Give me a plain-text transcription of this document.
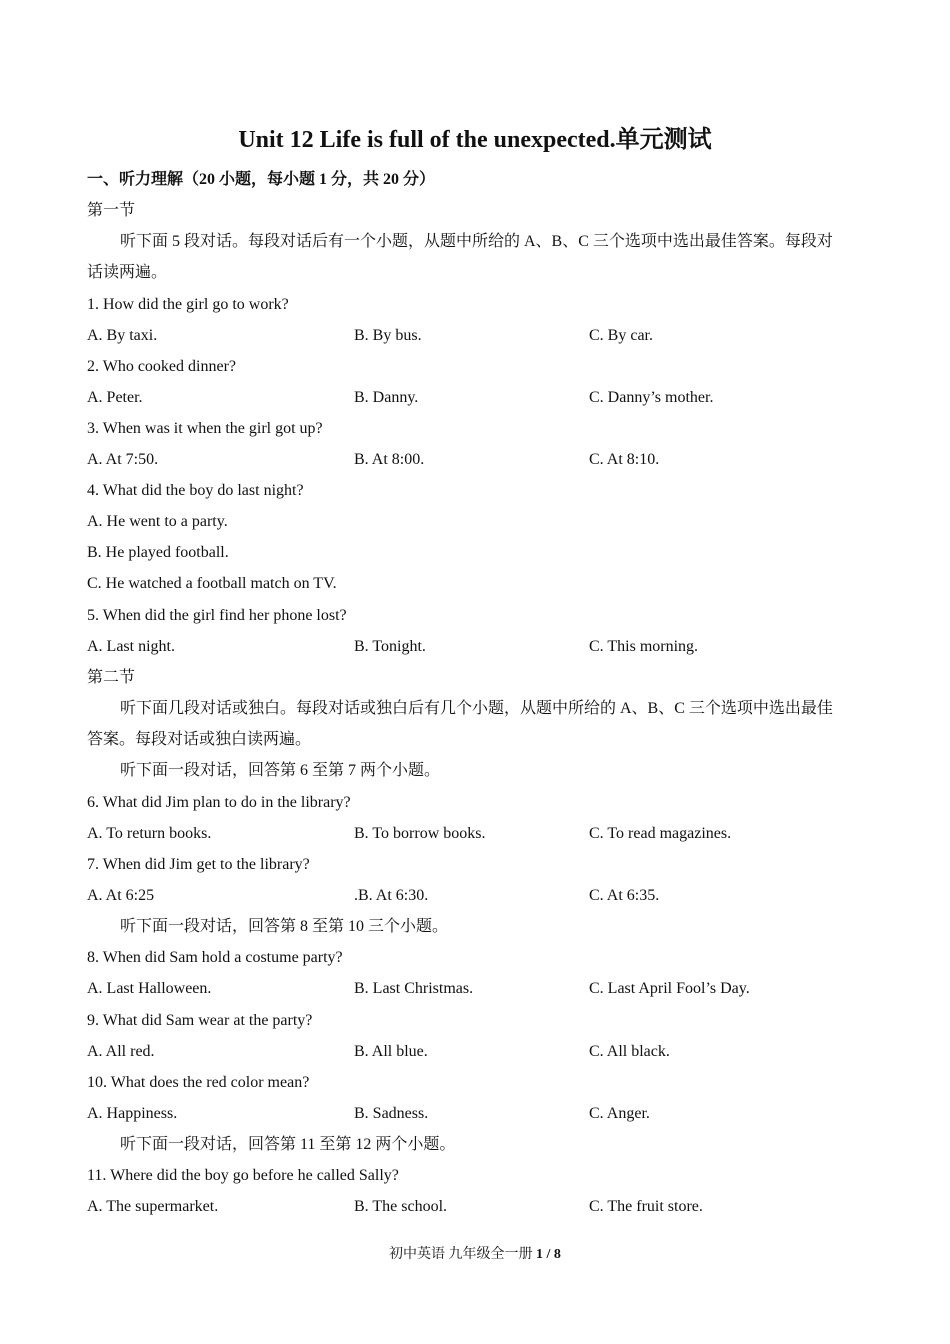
Unit 12 Life is full of the unexpected.单元测试
一、听力理解（20 小题，每小题 1 分，共 20 分）
第一节
听下面 5 段对话。每段对话后有一个小题，从题中所给的 A、B、C 三个选项中选出最佳答案。每段对
话读两遍。
1. How did the girl go to work?
A. By taxi.	B. By bus.	C. By car.
2. Who cooked dinner?
A. Peter.	B. Danny.	C. Danny’s mother.
3. When was it when the girl got up?
A. At 7:50.	B. At 8:00.	C. At 8:10.
4. What did the boy do last night?
A. He went to a party.
B. He played football.
C. He watched a football match on TV.
5. When did the girl find her phone lost?
A. Last night.	B. Tonight.	C. This morning.
第二节
听下面几段对话或独白。每段对话或独白后有几个小题，从题中所给的 A、B、C 三个选项中选出最佳
答案。每段对话或独白读两遍。
听下面一段对话，回答第 6 至第 7 两个小题。
6. What did Jim plan to do in the library?
A. To return books.	B. To borrow books.	C. To read magazines.
7. When did Jim get to the library?
A. At 6:25	.B. At 6:30.	C. At 6:35.
听下面一段对话，回答第 8 至第 10 三个小题。
8. When did Sam hold a costume party?
A. Last Halloween.	B. Last Christmas.	C. Last April Fool’s Day.
9. What did Sam wear at the party?
A. All red.	B. All blue.	C. All black.
10. What does the red color mean?
A. Happiness.	B. Sadness.	C. Anger.
听下面一段对话，回答第 11 至第 12 两个小题。
11. Where did the boy go before he called Sally?
A. The supermarket.	B. The school.	C. The fruit store.
初中英语 九年级全一册 1 / 8
